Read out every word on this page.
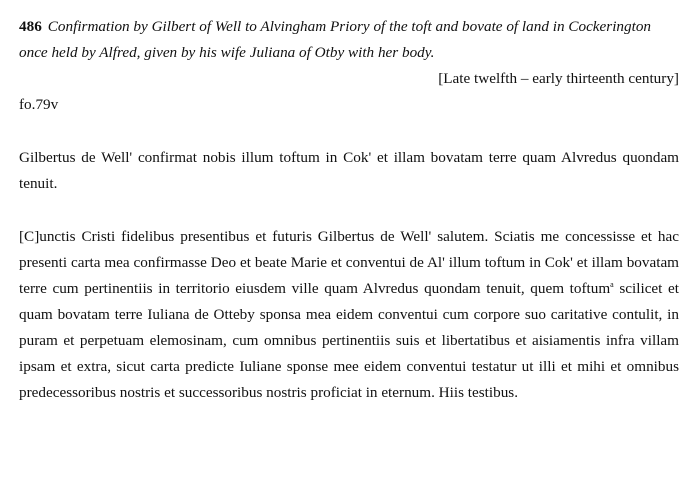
486 Confirmation by Gilbert of Well to Alvingham Priory of the toft and bovate of land in Cockerington once held by Alfred, given by his wife Juliana of Otby with her body.

[Late twelfth – early thirteenth century]

fo.79v

Gilbertus de Well' confirmat nobis illum toftum in Cok' et illam bovatam terre quam Alvredus quondam tenuit.

[C]unctis Cristi fidelibus presentibus et futuris Gilbertus de Well' salutem. Sciatis me concessisse et hac presenti carta mea confirmasse Deo et beate Marie et conventui de Al' illum toftum in Cok' et illam bovatam terre cum pertinentiis in territorio eiusdem ville quam Alvredus quondam tenuit, quem toftum$^a$ scilicet et quam bovatam terre Iuliana de Otteby sponsa mea eidem conventui cum corpore suo caritative contulit, in puram et perpetuam elemosinam, cum omnibus pertinentiis suis et libertatibus et aisiamentis infra villam ipsam et extra, sicut carta predicte Iuliane sponse mee eidem conventui testatur ut illi et mihi et omnibus predecessoribus nostris et successoribus nostris proficiat in eternum. Hiis testibus.
